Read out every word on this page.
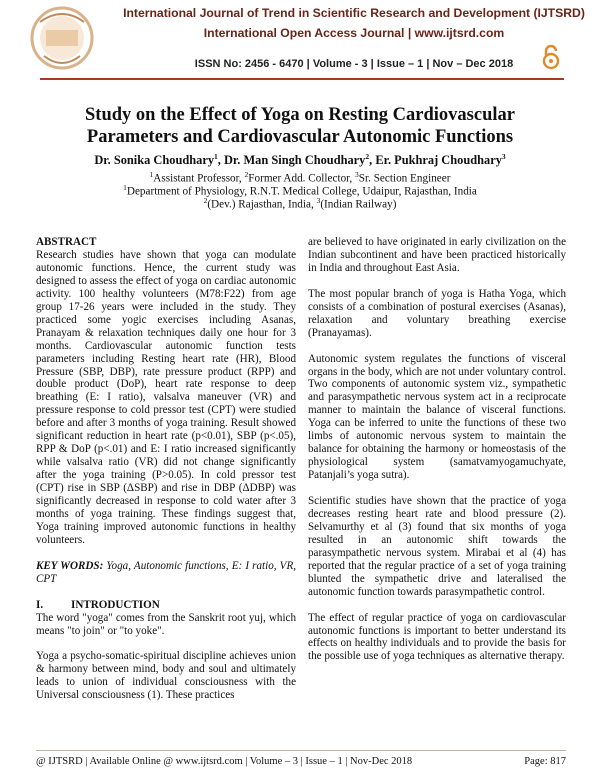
International Journal of Trend in Scientific Research and Development (IJTSRD)
International Open Access Journal | www.ijtsrd.com
ISSN No: 2456 - 6470 | Volume - 3 | Issue – 1 | Nov – Dec 2018
Study on the Effect of Yoga on Resting Cardiovascular
Parameters and Cardiovascular Autonomic Functions
Dr. Sonika Choudhary$^1$, Dr. Man Singh Choudhary$^2$, Er. Pukhraj Choudhary$^3$
$^1$Assistant Professor, $^2$Former Add. Collector, $^3$Sr. Section Engineer
$^1$Department of Physiology, R.N.T. Medical College, Udaipur, Rajasthan, India
$^2$(Dev.) Rajasthan, India, $^3$(Indian Railway)
ABSTRACT

Research studies have shown that yoga can modulate autonomic functions. Hence, the current study was designed to assess the effect of yoga on cardiac autonomic activity. 100 healthy volunteers (M78:F22) from age group 17-26 years were included in the study. They practiced some yogic exercises including Asanas, Pranayam & relaxation techniques daily one hour for 3 months. Cardiovascular autonomic function tests parameters including Resting heart rate (HR), Blood Pressure (SBP, DBP), rate pressure product (RPP) and double product (DoP), heart rate response to deep breathing (E: I ratio), valsalva maneuver (VR) and pressure response to cold pressor test (CPT) were studied before and after 3 months of yoga training. Result showed significant reduction in heart rate (p<0.01), SBP (p<.05), RPP & DoP (p<.01) and E: I ratio increased significantly while valsalva ratio (VR) did not change significantly after the yoga training (P>0.05). In cold pressor test (CPT) rise in SBP (ΔSBP) and rise in DBP (ΔDBP) was significantly decreased in response to cold water after 3 months of yoga training. These findings suggest that, Yoga training improved autonomic functions in healthy volunteers.

KEY WORDS: Yoga, Autonomic functions, E: I ratio, VR, CPT

I.	INTRODUCTION

The word "yoga" comes from the Sanskrit root yuj, which means "to join" or "to yoke".

Yoga a psycho-somatic-spiritual discipline achieves union & harmony between mind, body and soul and ultimately leads to union of individual consciousness with the Universal consciousness (1). These practices

are believed to have originated in early civilization on the Indian subcontinent and have been practiced historically in India and throughout East Asia.

The most popular branch of yoga is Hatha Yoga, which consists of a combination of postural exercises (Asanas), relaxation and voluntary breathing exercise (Pranayamas).

Autonomic system regulates the functions of visceral organs in the body, which are not under voluntary control. Two components of autonomic system viz., sympathetic and parasympathetic nervous system act in a reciprocate manner to maintain the balance of visceral functions. Yoga can be inferred to unite the functions of these two limbs of autonomic nervous system to maintain the balance for obtaining the harmony or homeostasis of the physiological system (samatvamyogamuchyate, Patanjali’s yoga sutra).

Scientific studies have shown that the practice of yoga decreases resting heart rate and blood pressure (2). Selvamurthy et al (3) found that six months of yoga resulted in an autonomic shift towards the parasympathetic nervous system. Mirabai et al (4) has reported that the regular practice of a set of yoga training blunted the sympathetic drive and lateralised the autonomic function towards parasympathetic control.

The effect of regular practice of yoga on cardiovascular autonomic functions is important to better understand its effects on healthy individuals and to provide the basis for the possible use of yoga techniques as alternative therapy.

@ IJTSRD | Available Online @ www.ijtsrd.com | Volume – 3 | Issue – 1 | Nov-Dec 2018	Page: 817
